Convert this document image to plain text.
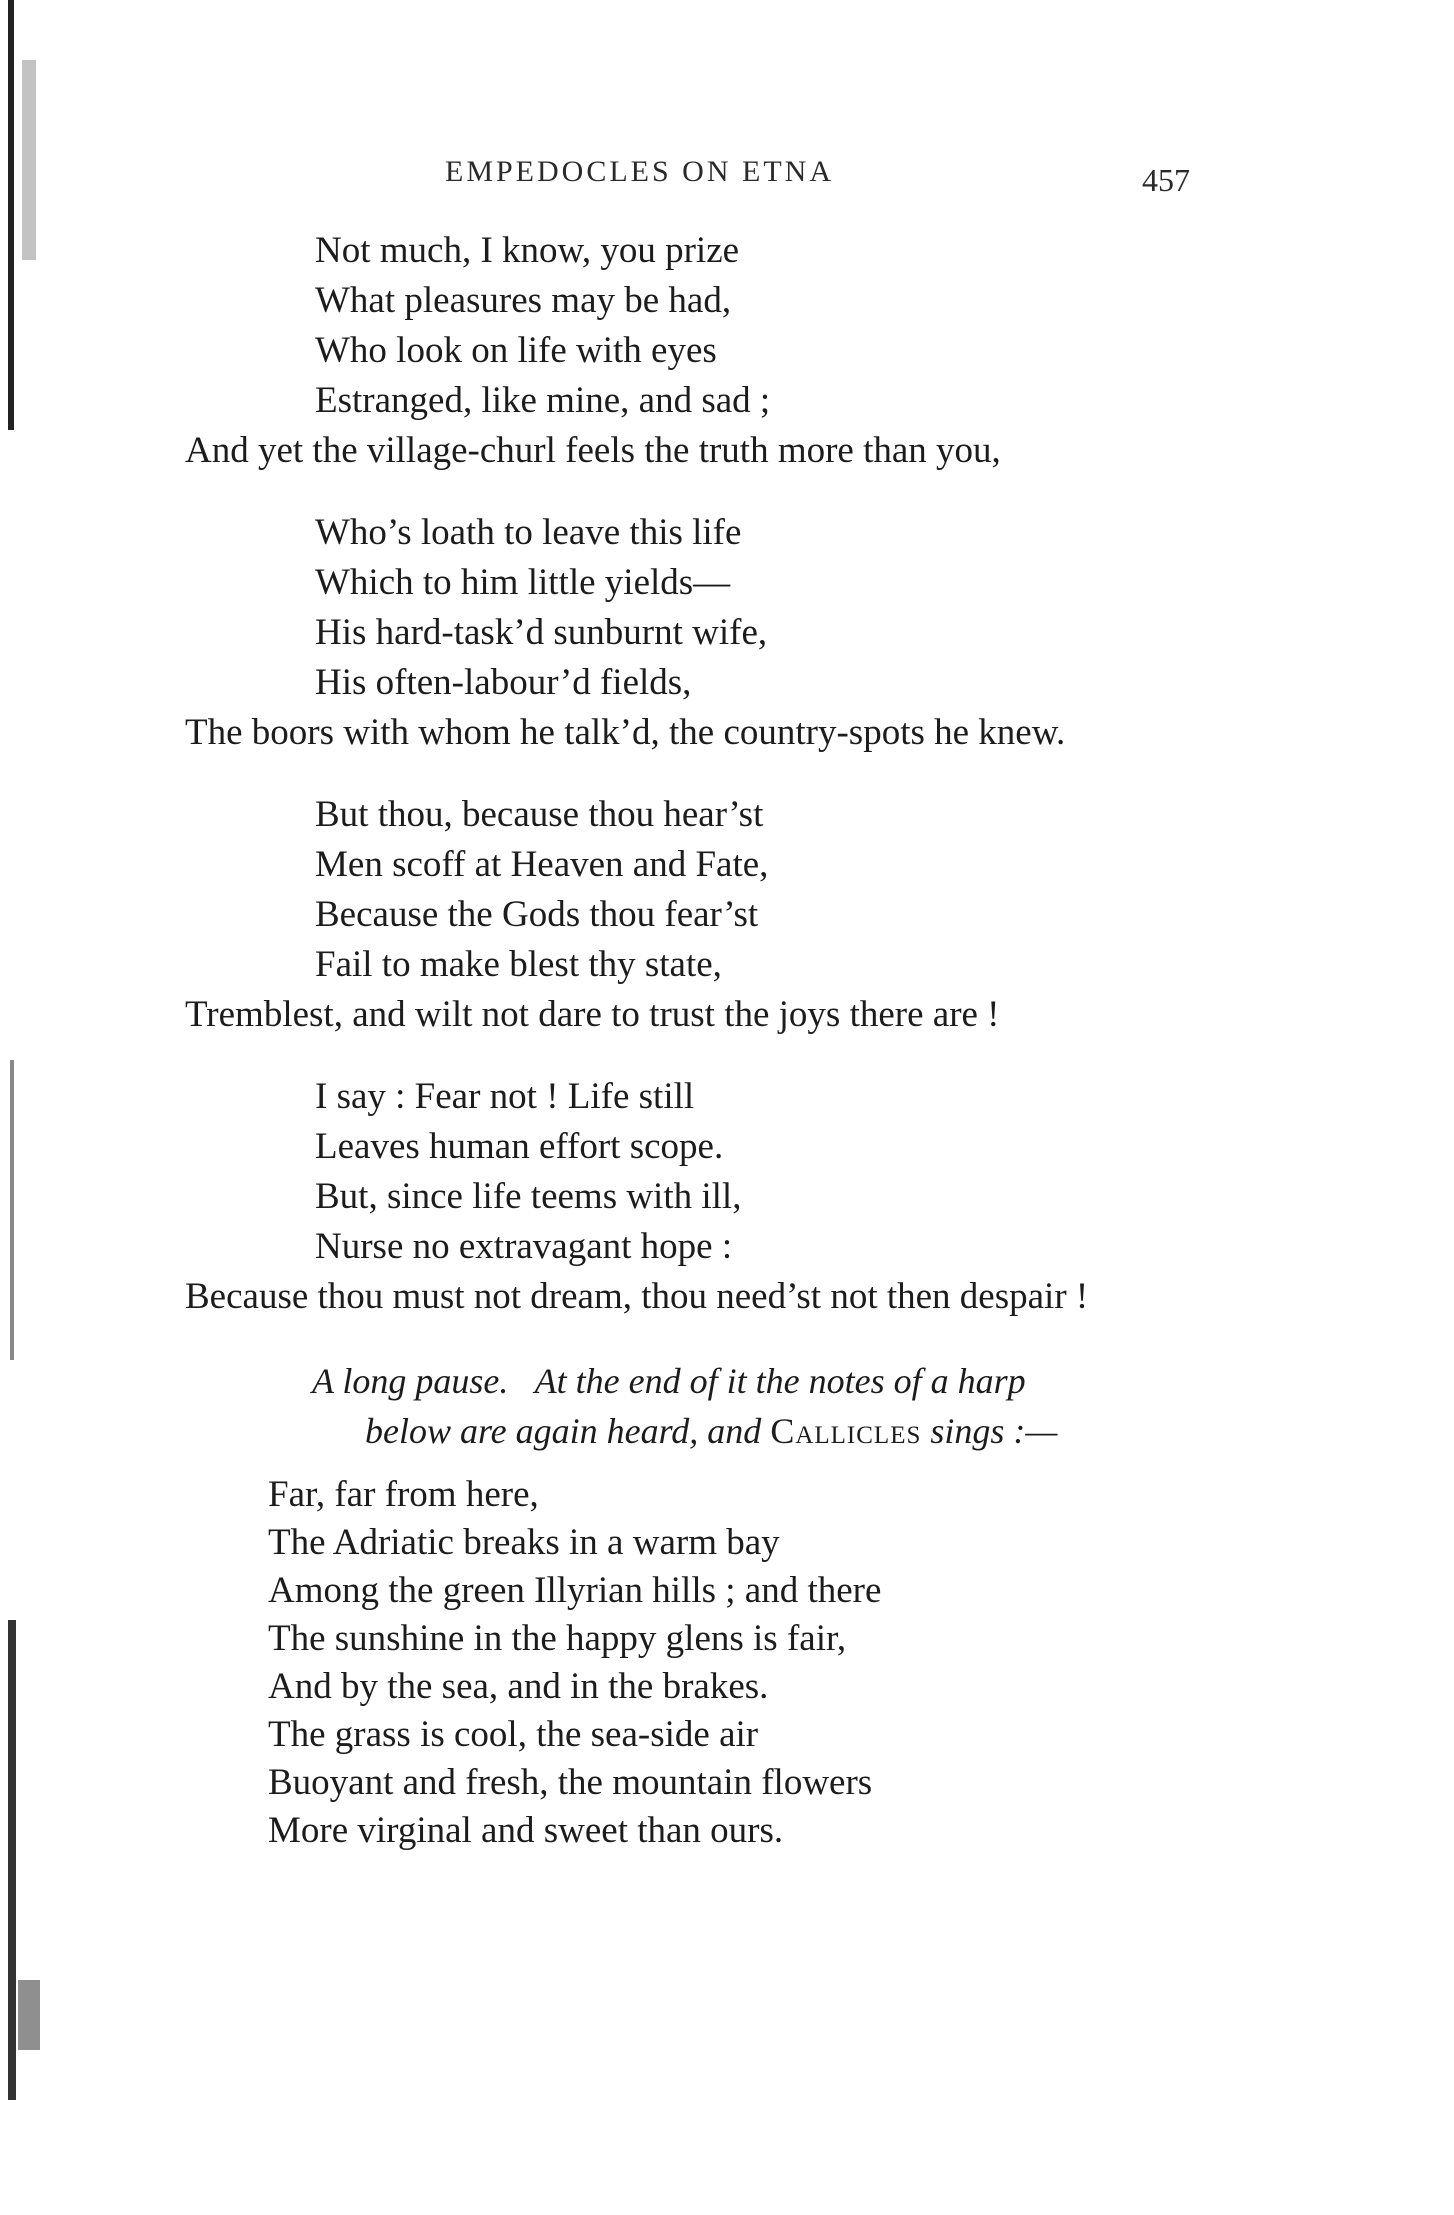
EMPEDOCLES ON ETNA	457
Not much, I know, you prize
What pleasures may be had,
Who look on life with eyes
Estranged, like mine, and sad ;
And yet the village-churl feels the truth more than you,
Who’s loath to leave this life
Which to him little yields—
His hard-task’d sunburnt wife,
His often-labour’d fields,
The boors with whom he talk’d, the country-spots he knew.
But thou, because thou hear’st
Men scoff at Heaven and Fate,
Because the Gods thou fear’st
Fail to make blest thy state,
Tremblest, and wilt not dare to trust the joys there are !
I say : Fear not ! Life still
Leaves human effort scope.
But, since life teems with ill,
Nurse no extravagant hope :
Because thou must not dream, thou need’st not then despair !
A long pause.   At the end of it the notes of a harp
below are again heard, and Callicles sings :—
Far, far from here,
The Adriatic breaks in a warm bay
Among the green Illyrian hills ; and there
The sunshine in the happy glens is fair,
And by the sea, and in the brakes.
The grass is cool, the sea-side air
Buoyant and fresh, the mountain flowers
More virginal and sweet than ours.
